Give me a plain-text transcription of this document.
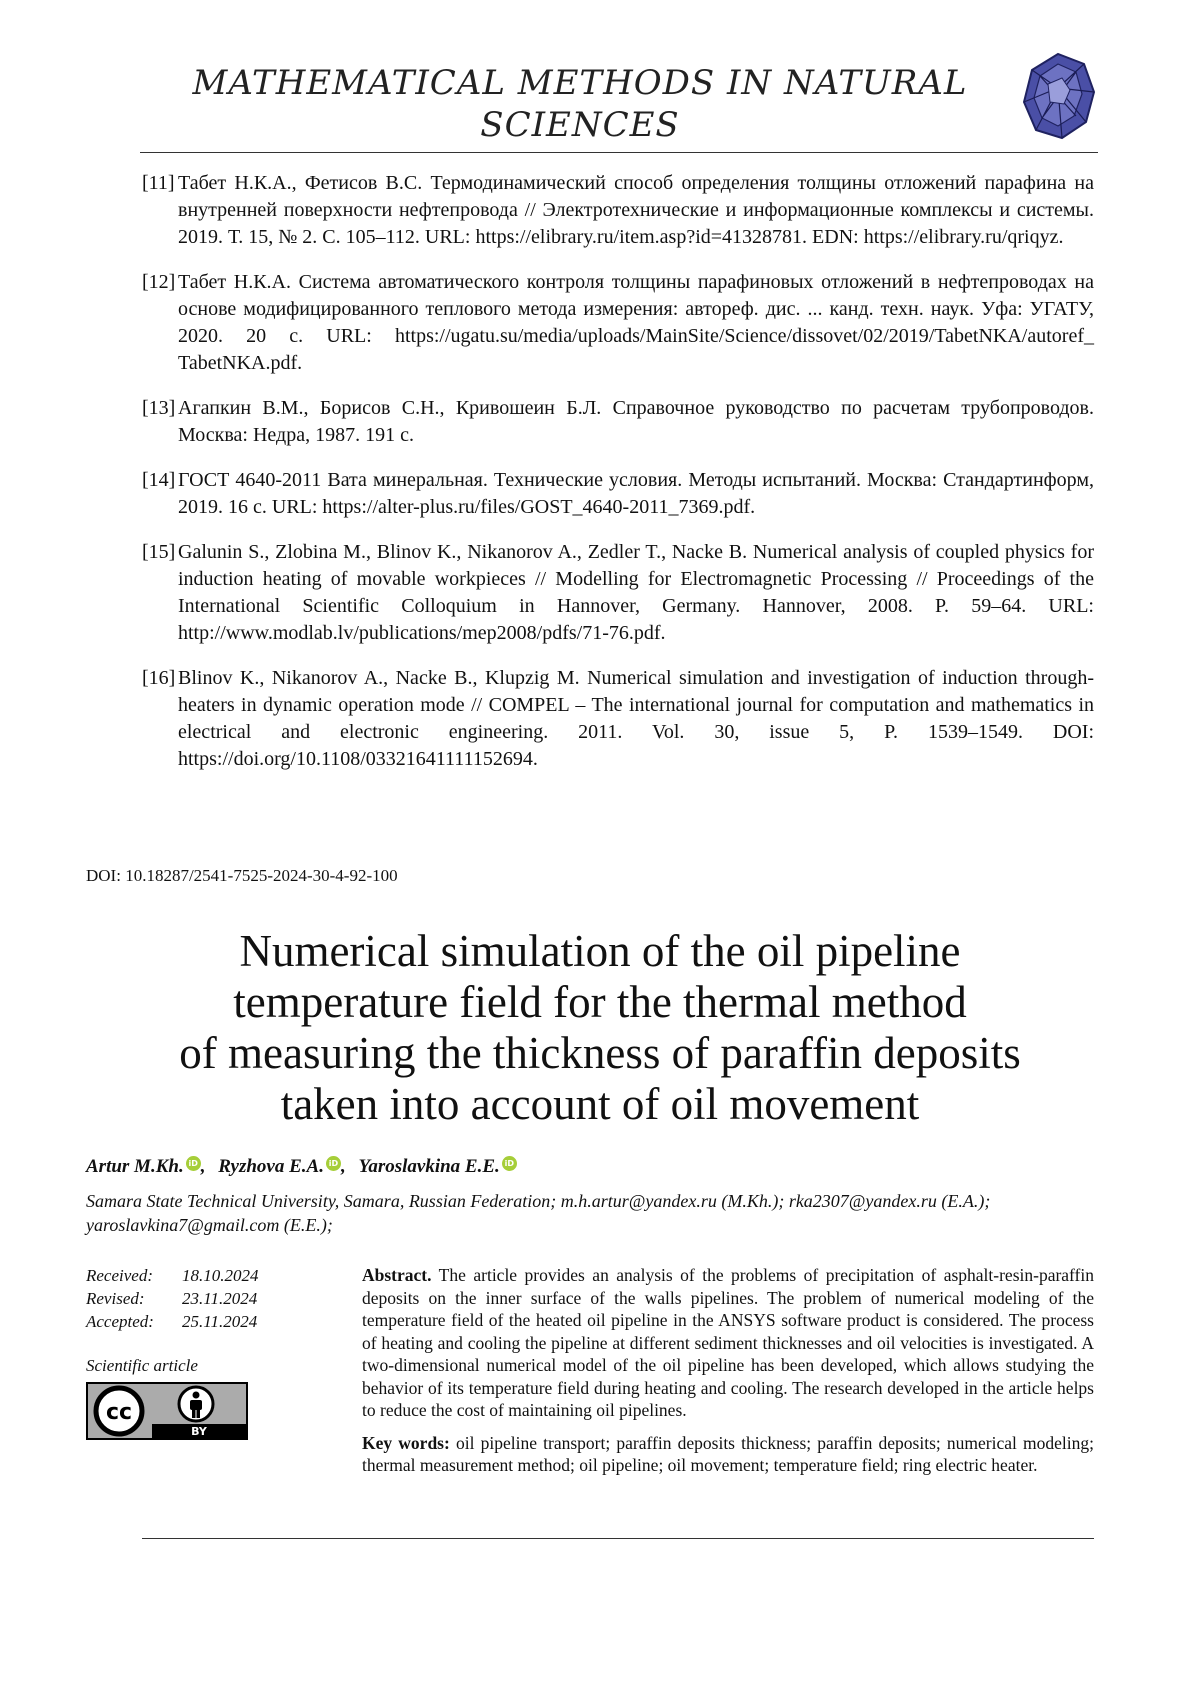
MATHEMATICAL METHODS IN NATURAL
SCIENCES
[11] Табет Н.К.А., Фетисов В.С. Термодинамический способ определения толщины отложений парафина на внутренней поверхности нефтепровода // Электротехнические и информационные комплексы и системы. 2019. Т. 15, № 2. С. 105–112. URL: https://elibrary.ru/item.asp?id=41328781. EDN: https://elibrary.ru/qriqyz.
[12] Табет Н.К.А. Система автоматического контроля толщины парафиновых отложений в нефтепроводах на основе модифицированного теплового метода измерения: автореф. дис. ... канд. техн. наук. Уфа: УГАТУ, 2020. 20 с. URL: https://ugatu.su/media/uploads/MainSite/Science/dissovet/02/2019/TabetNKA/autoref_ TabetNKA.pdf.
[13] Агапкин В.М., Борисов С.Н., Кривошеин Б.Л. Справочное руководство по расчетам трубопроводов. Москва: Недра, 1987. 191 с.
[14] ГОСТ 4640-2011 Вата минеральная. Технические условия. Методы испытаний. Москва: Стандартинформ, 2019. 16 с. URL: https://alter-plus.ru/files/GOST_4640-2011_7369.pdf.
[15] Galunin S., Zlobina M., Blinov K., Nikanorov A., Zedler T., Nacke B. Numerical analysis of coupled physics for induction heating of movable workpieces // Modelling for Electromagnetic Processing // Proceedings of the International Scientific Colloquium in Hannover, Germany. Hannover, 2008. P. 59–64. URL: http://www.modlab.lv/publications/mep2008/pdfs/71-76.pdf.
[16] Blinov K., Nikanorov A., Nacke B., Klupzig M. Numerical simulation and investigation of induction through-heaters in dynamic operation mode // COMPEL – The international journal for computation and mathematics in electrical and electronic engineering. 2011. Vol. 30, issue 5, P. 1539–1549. DOI: https://doi.org/10.1108/03321641111152694.
DOI: 10.18287/2541-7525-2024-30-4-92-100
Numerical simulation of the oil pipeline
temperature field for the thermal method
of measuring the thickness of paraffin deposits
taken into account of oil movement
Artur M.Kh. iD , Ryzhova E.A. iD , Yaroslavkina E.E. iD
Samara State Technical University, Samara, Russian Federation; m.h.artur@yandex.ru (M.Kh.); rka2307@yandex.ru (E.A.); yaroslavkina7@gmail.com (E.E.);
Received:	18.10.2024
Revised:	23.11.2024
Accepted:	25.11.2024
Scientific article
cc
BY

Abstract. The article provides an analysis of the problems of precipitation of asphalt-resin-paraffin deposits on the inner surface of the walls pipelines. The problem of numerical modeling of the temperature field of the heated oil pipeline in the ANSYS software product is considered. The process of heating and cooling the pipeline at different sediment thicknesses and oil velocities is investigated. A two-dimensional numerical model of the oil pipeline has been developed, which allows studying the behavior of its temperature field during heating and cooling. The research developed in the article helps to reduce the cost of maintaining oil pipelines.

Key words: oil pipeline transport; paraffin deposits thickness; paraffin deposits; numerical modeling; thermal measurement method; oil pipeline; oil movement; temperature field; ring electric heater.
